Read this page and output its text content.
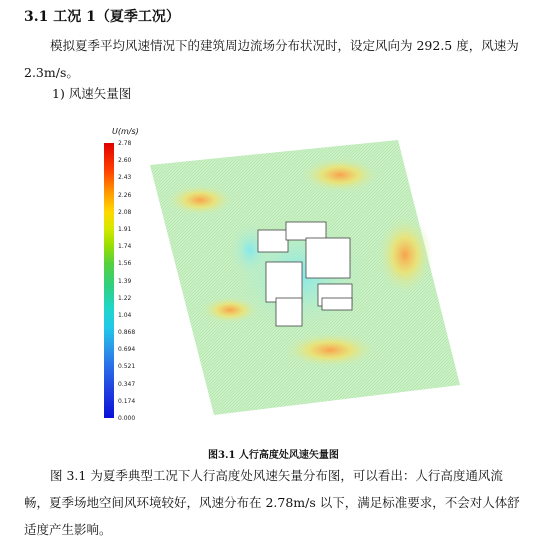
3.1 工况 1（夏季工况）
模拟夏季平均风速情况下的建筑周边流场分布状况时，设定风向为 292.5 度，风速为 2.3m/s。
1) 风速矢量图
U(m/s)
2.78
2.60
2.43
2.26
2.08
1.91
1.74
1.56
1.39
1.22
1.04
0.868
0.694
0.521
0.347
0.174
0.000
图3.1 人行高度处风速矢量图
图 3.1 为夏季典型工况下人行高度处风速矢量分布图，可以看出：人行高度通风流畅，夏季场地空间风环境较好，风速分布在 2.78m/s 以下，满足标准要求，不会对人体舒适度产生影响。
